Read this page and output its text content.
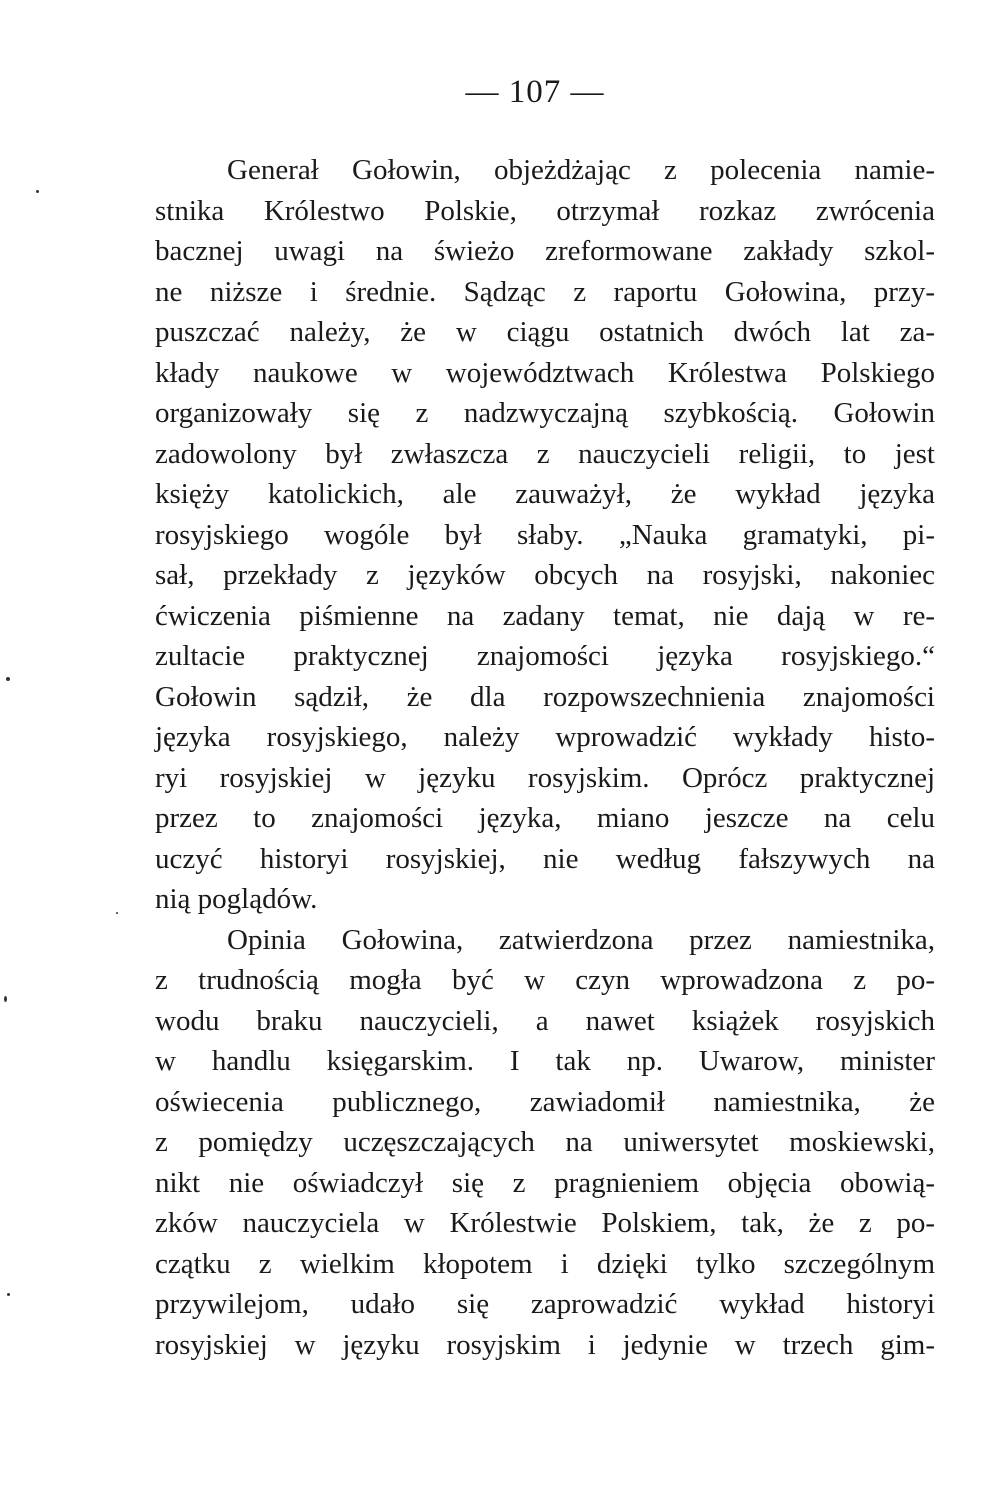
— 107 —
Generał Gołowin, objeżdżając z polecenia namie-
stnika Królestwo Polskie, otrzymał rozkaz zwrócenia
bacznej uwagi na świeżo zreformowane zakłady szkol-
ne niższe i średnie. Sądząc z raportu Gołowina, przy-
puszczać należy, że w ciągu ostatnich dwóch lat za-
kłady naukowe w województwach Królestwa Polskiego
organizowały się z nadzwyczajną szybkością. Gołowin
zadowolony był zwłaszcza z nauczycieli religii, to jest
księży katolickich, ale zauważył, że wykład języka
rosyjskiego wogóle był słaby. „Nauka gramatyki, pi-
sał, przekłady z języków obcych na rosyjski, nakoniec
ćwiczenia piśmienne na zadany temat, nie dają w re-
zultacie praktycznej znajomości języka rosyjskiego.“
Gołowin sądził, że dla rozpowszechnienia znajomości
języka rosyjskiego, należy wprowadzić wykłady histo-
ryi rosyjskiej w języku rosyjskim. Oprócz praktycznej
przez to znajomości języka, miano jeszcze na celu
uczyć historyi rosyjskiej, nie według fałszywych na
nią poglądów.
Opinia Gołowina, zatwierdzona przez namiestnika,
z trudnością mogła być w czyn wprowadzona z po-
wodu braku nauczycieli, a nawet książek rosyjskich
w handlu księgarskim. I tak np. Uwarow, minister
oświecenia publicznego, zawiadomił namiestnika, że
z pomiędzy uczęszczających na uniwersytet moskiewski,
nikt nie oświadczył się z pragnieniem objęcia obowią-
zków nauczyciela w Królestwie Polskiem, tak, że z po-
czątku z wielkim kłopotem i dzięki tylko szczególnym
przywilejom, udało się zaprowadzić wykład historyi
rosyjskiej w języku rosyjskim i jedynie w trzech gim-
